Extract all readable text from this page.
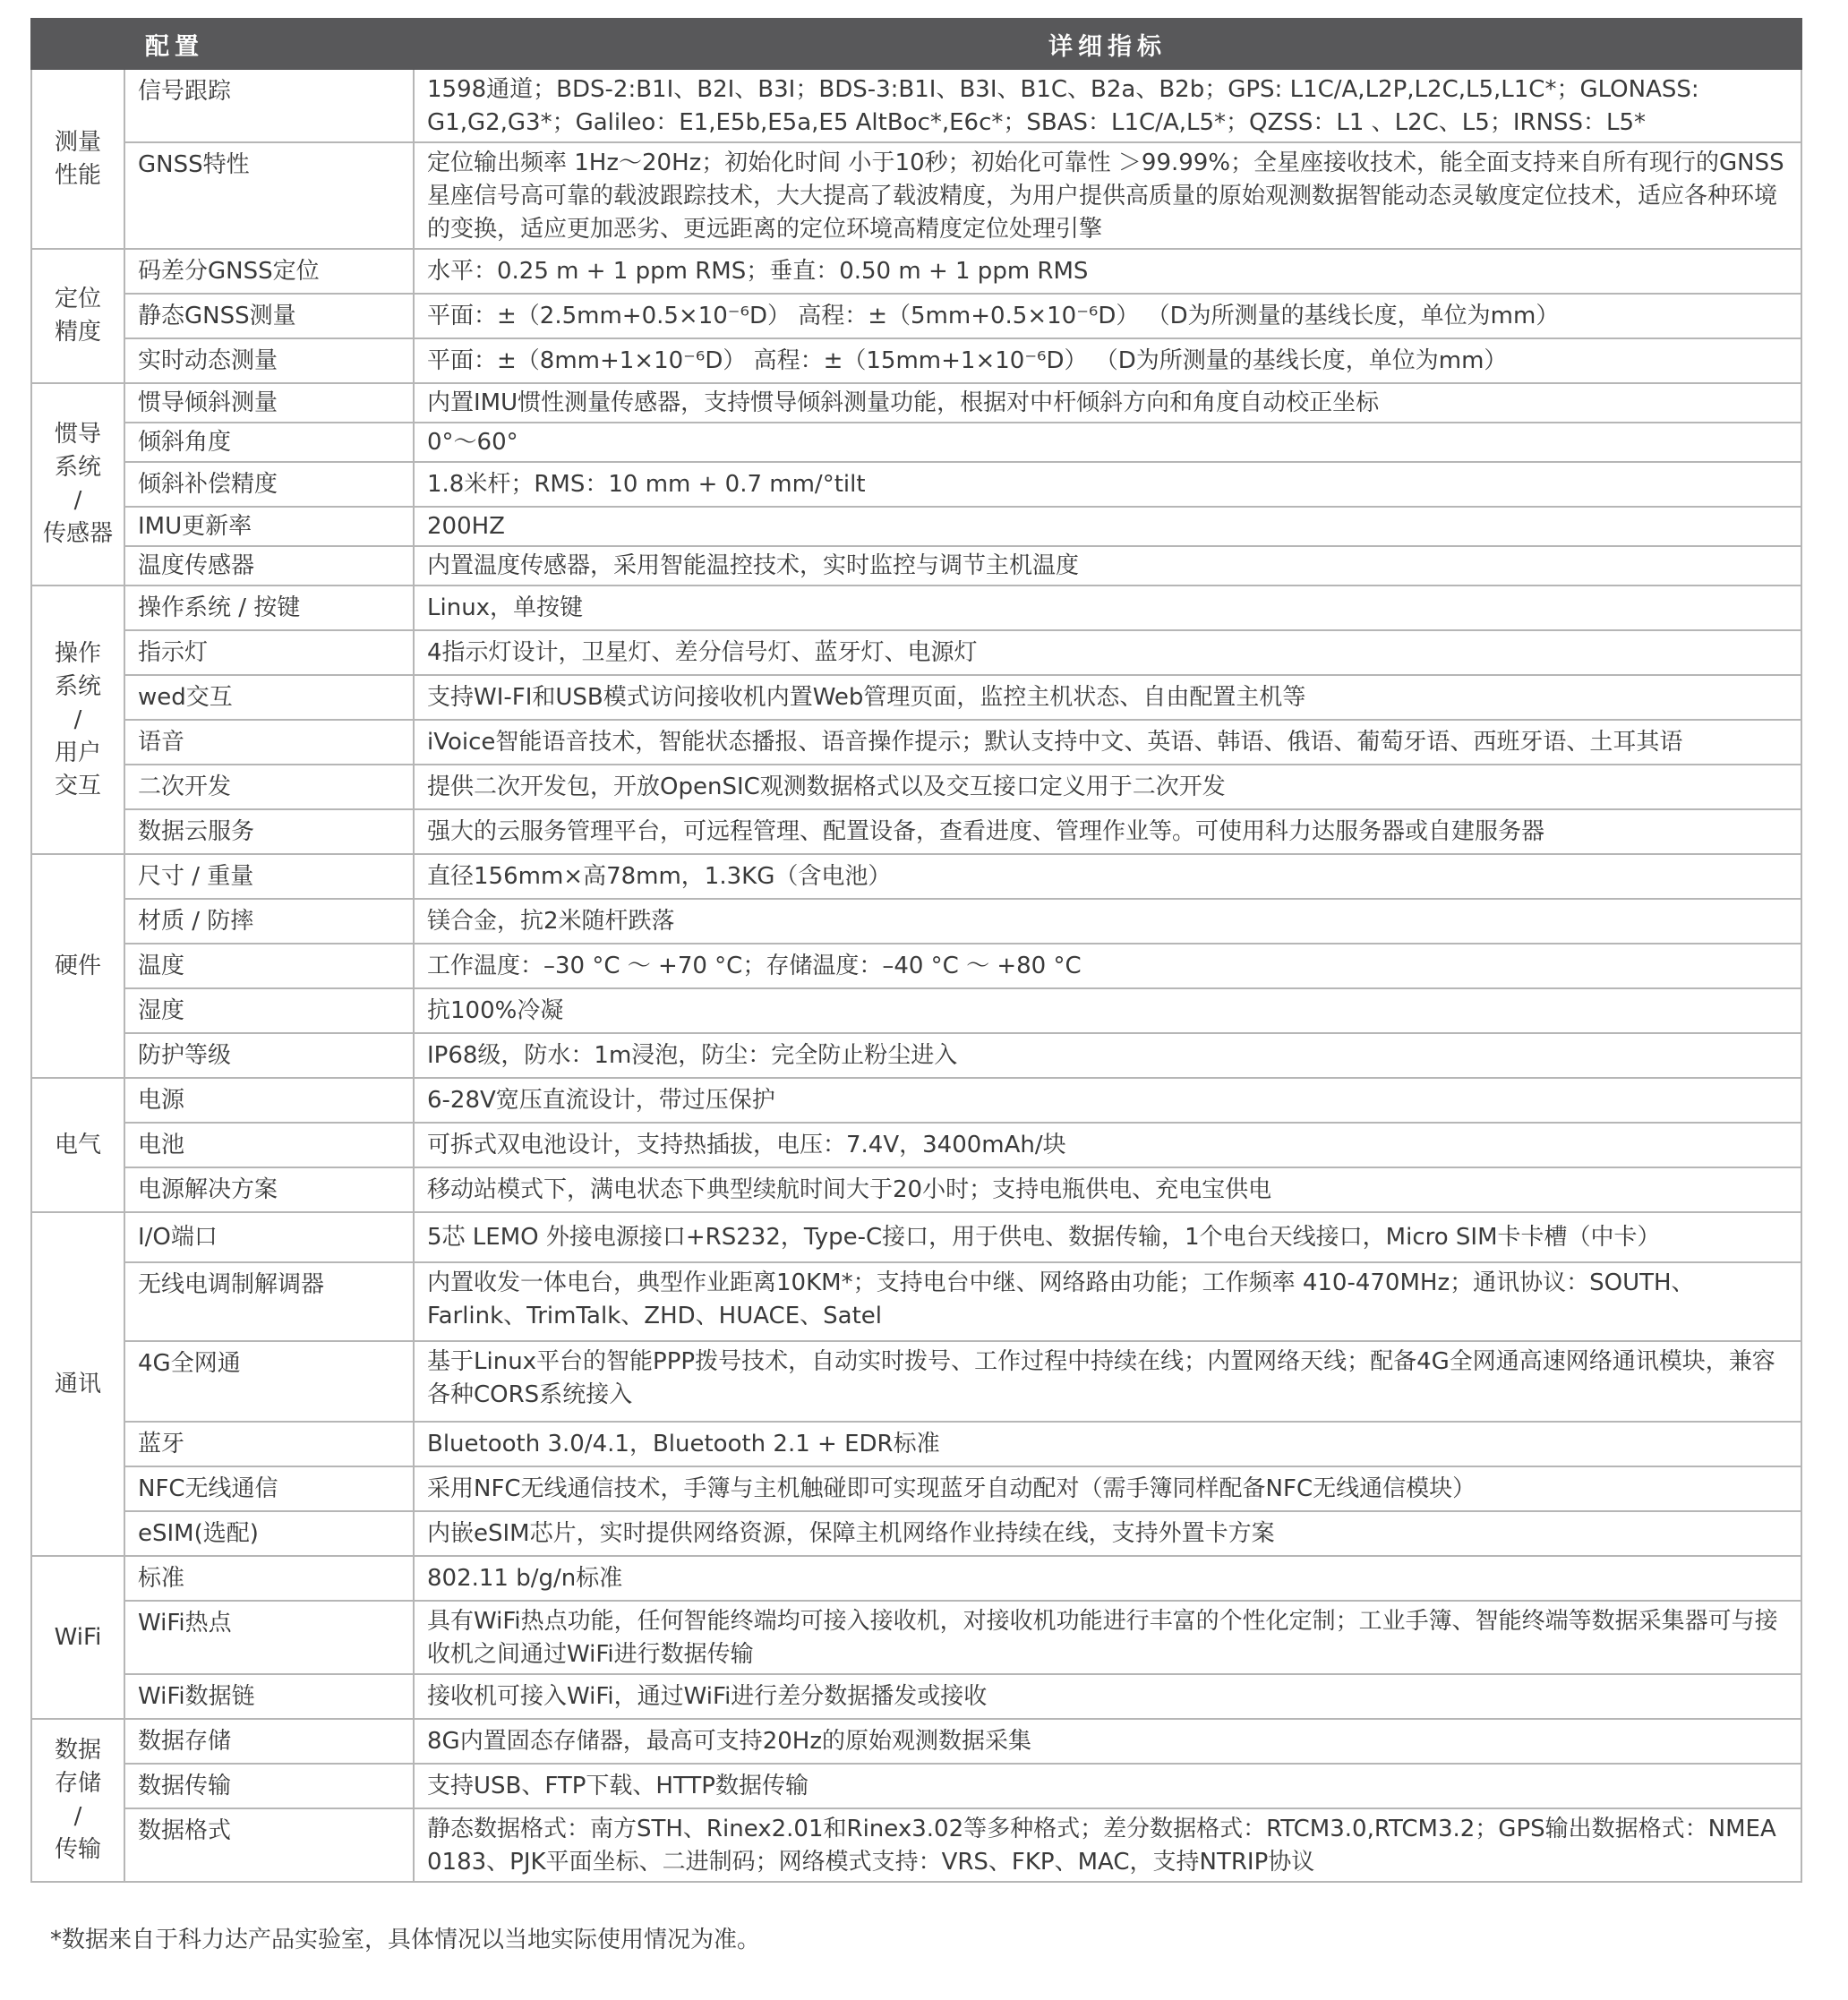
配置		详细指标
测量
性能	信号跟踪	1598通道；BDS-2:B1I、B2I、B3I；BDS-3:B1I、B3I、B1C、B2a、B2b；GPS: L1C/A,L2P,L2C,L5,L1C*；GLONASS: G1,G2,G3*；Galileo：E1,E5b,E5a,E5 AltBoc*,E6c*；SBAS：L1C/A,L5*；QZSS：L1 、L2C、L5；IRNSS：L5*
	GNSS特性	定位输出频率 1Hz～20Hz；初始化时间 小于10秒；初始化可靠性 ＞99.99%；全星座接收技术，能全面支持来自所有现行的GNSS星座信号高可靠的载波跟踪技术，大大提高了载波精度，为用户提供高质量的原始观测数据智能动态灵敏度定位技术，适应各种环境的变换，适应更加恶劣、更远距离的定位环境高精度定位处理引擎
定位
精度	码差分GNSS定位	水平：0.25 m + 1 ppm RMS；垂直：0.50 m + 1 ppm RMS
	静态GNSS测量	平面：±（2.5mm+0.5×10⁻⁶D） 高程：±（5mm+0.5×10⁻⁶D） （D为所测量的基线长度，单位为mm）
	实时动态测量	平面：±（8mm+1×10⁻⁶D） 高程：±（15mm+1×10⁻⁶D） （D为所测量的基线长度，单位为mm）
惯导
系统
/
传感器	惯导倾斜测量	内置IMU惯性测量传感器，支持惯导倾斜测量功能，根据对中杆倾斜方向和角度自动校正坐标
	倾斜角度	0°～60°
	倾斜补偿精度	1.8米杆；RMS：10 mm + 0.7 mm/°tilt
	IMU更新率	200HZ
	温度传感器	内置温度传感器，采用智能温控技术，实时监控与调节主机温度
操作
系统
/
用户
交互	操作系统 / 按键	Linux，单按键
	指示灯	4指示灯设计，卫星灯、差分信号灯、蓝牙灯、电源灯
	wed交互	支持WI-FI和USB模式访问接收机内置Web管理页面，监控主机状态、自由配置主机等
	语音	iVoice智能语音技术，智能状态播报、语音操作提示；默认支持中文、英语、韩语、俄语、葡萄牙语、西班牙语、土耳其语
	二次开发	提供二次开发包，开放OpenSIC观测数据格式以及交互接口定义用于二次开发
	数据云服务	强大的云服务管理平台，可远程管理、配置设备，查看进度、管理作业等。可使用科力达服务器或自建服务器
硬件	尺寸 / 重量	直径156mm×高78mm，1.3KG（含电池）
	材质 / 防摔	镁合金，抗2米随杆跌落
	温度	工作温度：–30 °C ～ +70 °C；存储温度：–40 °C ～ +80 °C
	湿度	抗100%冷凝
	防护等级	IP68级，防水：1m浸泡，防尘：完全防止粉尘进入
电气	电源	6-28V宽压直流设计，带过压保护
	电池	可拆式双电池设计，支持热插拔，电压：7.4V，3400mAh/块
	电源解决方案	移动站模式下，满电状态下典型续航时间大于20小时；支持电瓶供电、充电宝供电
通讯	I/O端口	5芯 LEMO 外接电源接口+RS232，Type-C接口，用于供电、数据传输，1个电台天线接口，Micro SIM卡卡槽（中卡）
	无线电调制解调器	内置收发一体电台，典型作业距离10KM*；支持电台中继、网络路由功能；工作频率 410-470MHz；通讯协议：SOUTH、Farlink、TrimTalk、ZHD、HUACE、Satel
	4G全网通	基于Linux平台的智能PPP拨号技术，自动实时拨号、工作过程中持续在线；内置网络天线；配备4G全网通高速网络通讯模块，兼容各种CORS系统接入
	蓝牙	Bluetooth 3.0/4.1，Bluetooth 2.1 + EDR标准
	NFC无线通信	采用NFC无线通信技术，手簿与主机触碰即可实现蓝牙自动配对（需手簿同样配备NFC无线通信模块）
	eSIM(选配)	内嵌eSIM芯片，实时提供网络资源，保障主机网络作业持续在线，支持外置卡方案
WiFi	标准	802.11 b/g/n标准
	WiFi热点	具有WiFi热点功能，任何智能终端均可接入接收机，对接收机功能进行丰富的个性化定制；工业手簿、智能终端等数据采集器可与接收机之间通过WiFi进行数据传输
	WiFi数据链	接收机可接入WiFi，通过WiFi进行差分数据播发或接收
数据
存储
/
传输	数据存储	8G内置固态存储器，最高可支持20Hz的原始观测数据采集
	数据传输	支持USB、FTP下载、HTTP数据传输
	数据格式	静态数据格式：南方STH、Rinex2.01和Rinex3.02等多种格式；差分数据格式：RTCM3.0,RTCM3.2；GPS输出数据格式：NMEA 0183、PJK平面坐标、二进制码；网络模式支持：VRS、FKP、MAC，支持NTRIP协议
*数据来自于科力达产品实验室，具体情况以当地实际使用情况为准。
